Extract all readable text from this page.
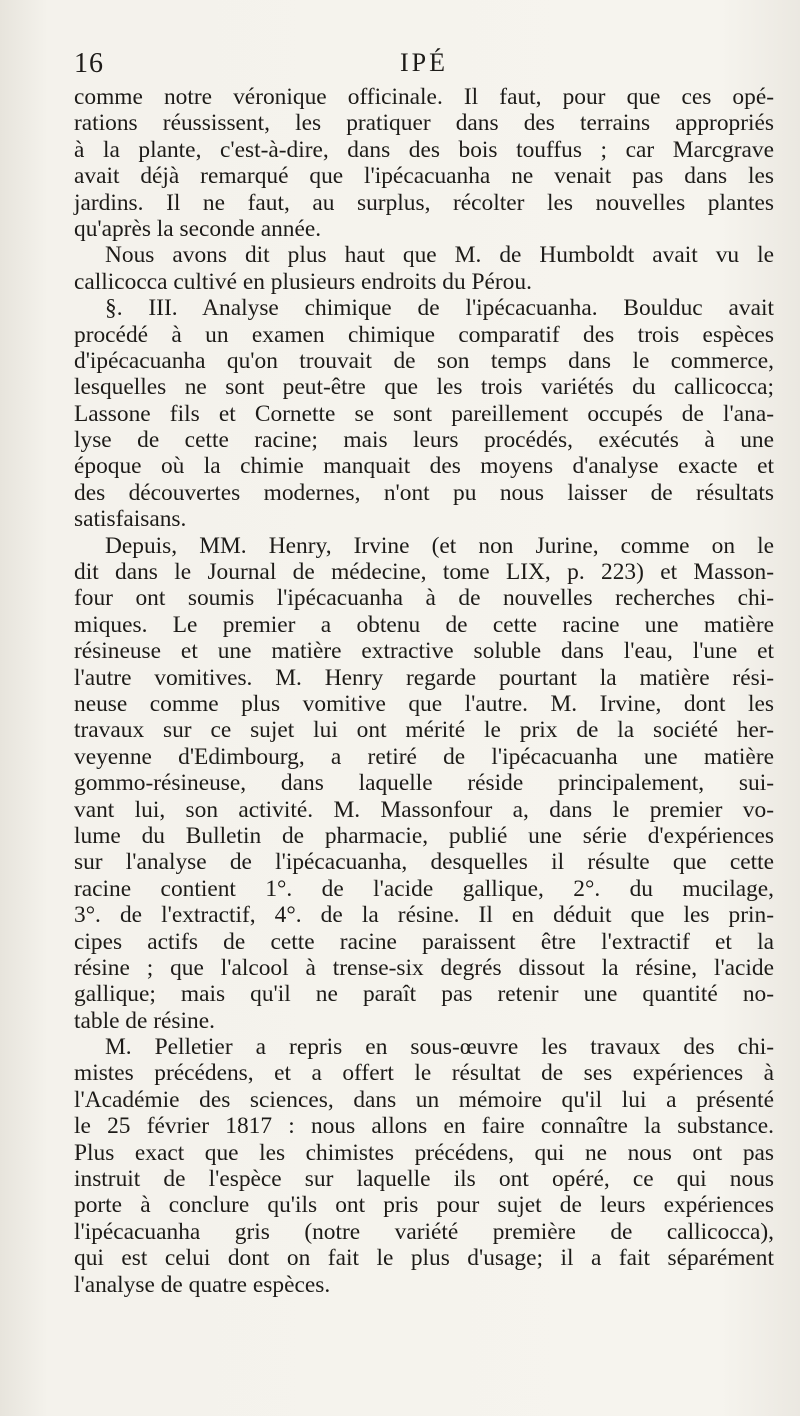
16	IPÉ
comme notre véronique officinale. Il faut, pour que ces opé-
rations réussissent, les pratiquer dans des terrains appropriés
à la plante, c'est-à-dire, dans des bois touffus ; car Marcgrave
avait déjà remarqué que l'ipécacuanha ne venait pas dans les
jardins. Il ne faut, au surplus, récolter les nouvelles plantes
qu'après la seconde année.
Nous avons dit plus haut que M. de Humboldt avait vu le
callicocca cultivé en plusieurs endroits du Pérou.
§. III. Analyse chimique de l'ipécacuanha. Boulduc avait
procédé à un examen chimique comparatif des trois espèces
d'ipécacuanha qu'on trouvait de son temps dans le commerce,
lesquelles ne sont peut-être que les trois variétés du callicocca;
Lassone fils et Cornette se sont pareillement occupés de l'ana-
lyse de cette racine; mais leurs procédés, exécutés à une
époque où la chimie manquait des moyens d'analyse exacte et
des découvertes modernes, n'ont pu nous laisser de résultats
satisfaisans.
Depuis, MM. Henry, Irvine (et non Jurine, comme on le
dit dans le Journal de médecine, tome LIX, p. 223) et Masson-
four ont soumis l'ipécacuanha à de nouvelles recherches chi-
miques. Le premier a obtenu de cette racine une matière
résineuse et une matière extractive soluble dans l'eau, l'une et
l'autre vomitives. M. Henry regarde pourtant la matière rési-
neuse comme plus vomitive que l'autre. M. Irvine, dont les
travaux sur ce sujet lui ont mérité le prix de la société her-
veyenne d'Edimbourg, a retiré de l'ipécacuanha une matière
gommo-résineuse, dans laquelle réside principalement, sui-
vant lui, son activité. M. Massonfour a, dans le premier vo-
lume du Bulletin de pharmacie, publié une série d'expériences
sur l'analyse de l'ipécacuanha, desquelles il résulte que cette
racine contient 1°. de l'acide gallique, 2°. du mucilage,
3°. de l'extractif, 4°. de la résine. Il en déduit que les prin-
cipes actifs de cette racine paraissent être l'extractif et la
résine ; que l'alcool à trense-six degrés dissout la résine, l'acide
gallique; mais qu'il ne paraît pas retenir une quantité no-
table de résine.
M. Pelletier a repris en sous-œuvre les travaux des chi-
mistes précédens, et a offert le résultat de ses expériences à
l'Académie des sciences, dans un mémoire qu'il lui a présenté
le 25 février 1817 : nous allons en faire connaître la substance.
Plus exact que les chimistes précédens, qui ne nous ont pas
instruit de l'espèce sur laquelle ils ont opéré, ce qui nous
porte à conclure qu'ils ont pris pour sujet de leurs expériences
l'ipécacuanha gris (notre variété première de callicocca),
qui est celui dont on fait le plus d'usage; il a fait séparément
l'analyse de quatre espèces.
